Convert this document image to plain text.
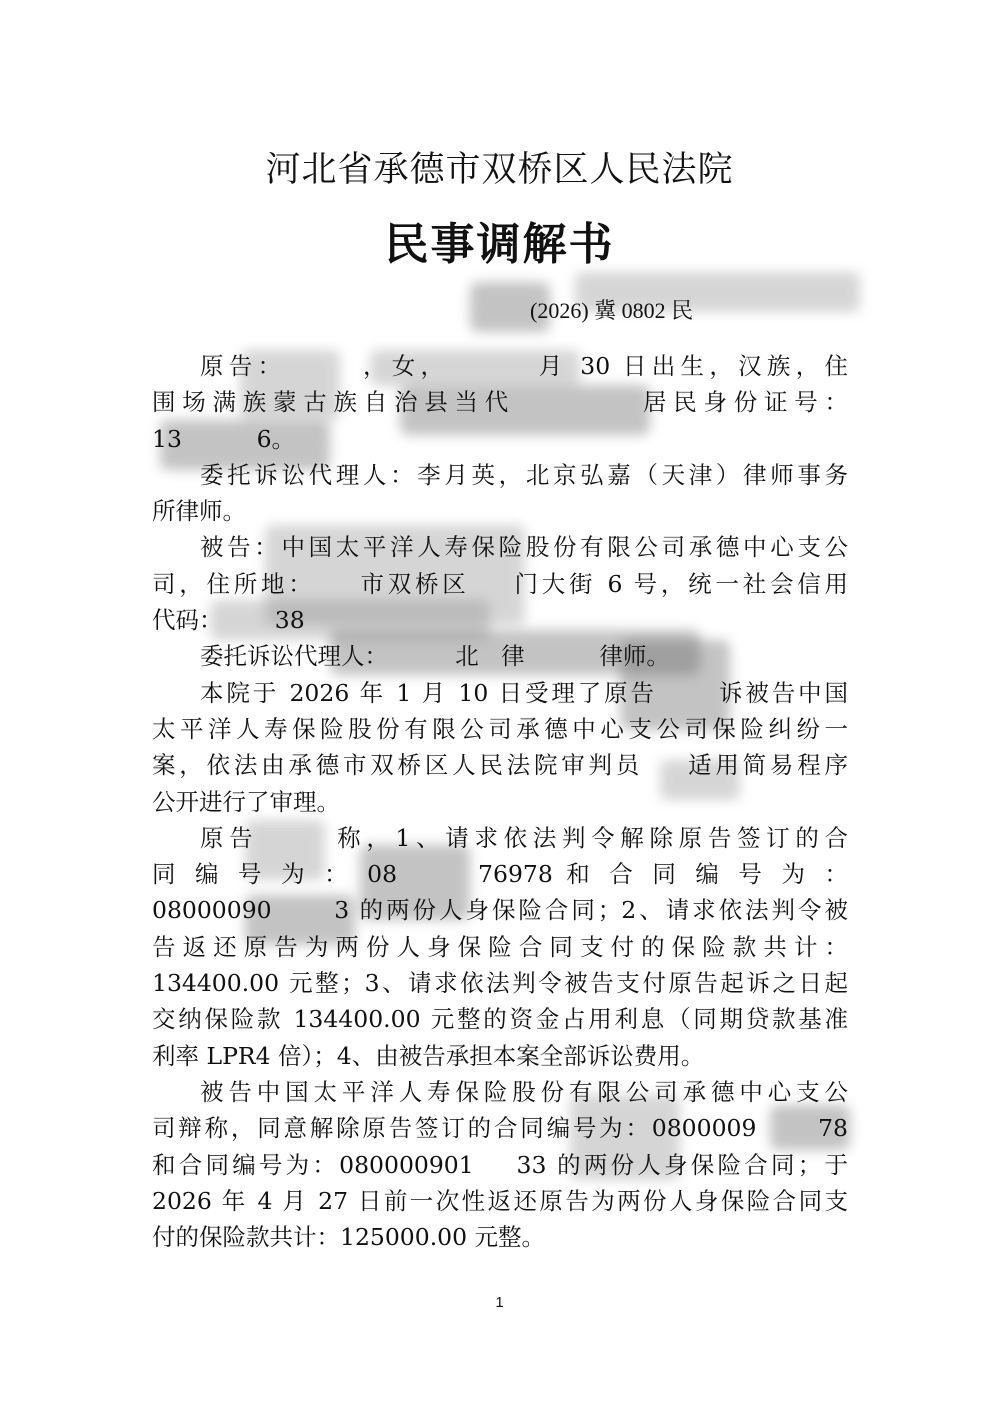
河北省承德市双桥区人民法院
民事调解书
(2026) 冀 0802 民
原告：      ，女，       月 30 日出生，汉族，住
围场满族蒙古族自治县当代         居民身份证号：
13          6。
委托诉讼代理人：李月英，北京弘嘉（天津）律师事务
所律师。
被告：中国太平洋人寿保险股份有限公司承德中心支公
司，住所地：    市双桥区    门大街 6 号，统一社会信用
代码：       38
委托诉讼代理人：         北   律          律师。
本院于 2026 年 1 月 10 日受理了原告      诉被告中国
太平洋人寿保险股份有限公司承德中心支公司保险纠纷一
案，依法由承德市双桥区人民法院审判员    适用简易程序
公开进行了审理。
原告      称，1、请求依法判令解除原告签订的合
同 编 号 为 ： 08      76978 和 合 同 编 号 为 ：
08000090      3 的两份人身保险合同；2、请求依法判令被
告返还原告为两份人身保险合同支付的保险款共计：
134400.00 元整；3、请求依法判令被告支付原告起诉之日起
交纳保险款 134400.00 元整的资金占用利息（同期贷款基准
利率 LPR4 倍）；4、由被告承担本案全部诉讼费用。
被告中国太平洋人寿保险股份有限公司承德中心支公
司辩称，同意解除原告签订的合同编号为：0800009      78
和合同编号为：080000901    33 的两份人身保险合同；于
2026 年 4 月 27 日前一次性返还原告为两份人身保险合同支
付的保险款共计：125000.00 元整。
1
